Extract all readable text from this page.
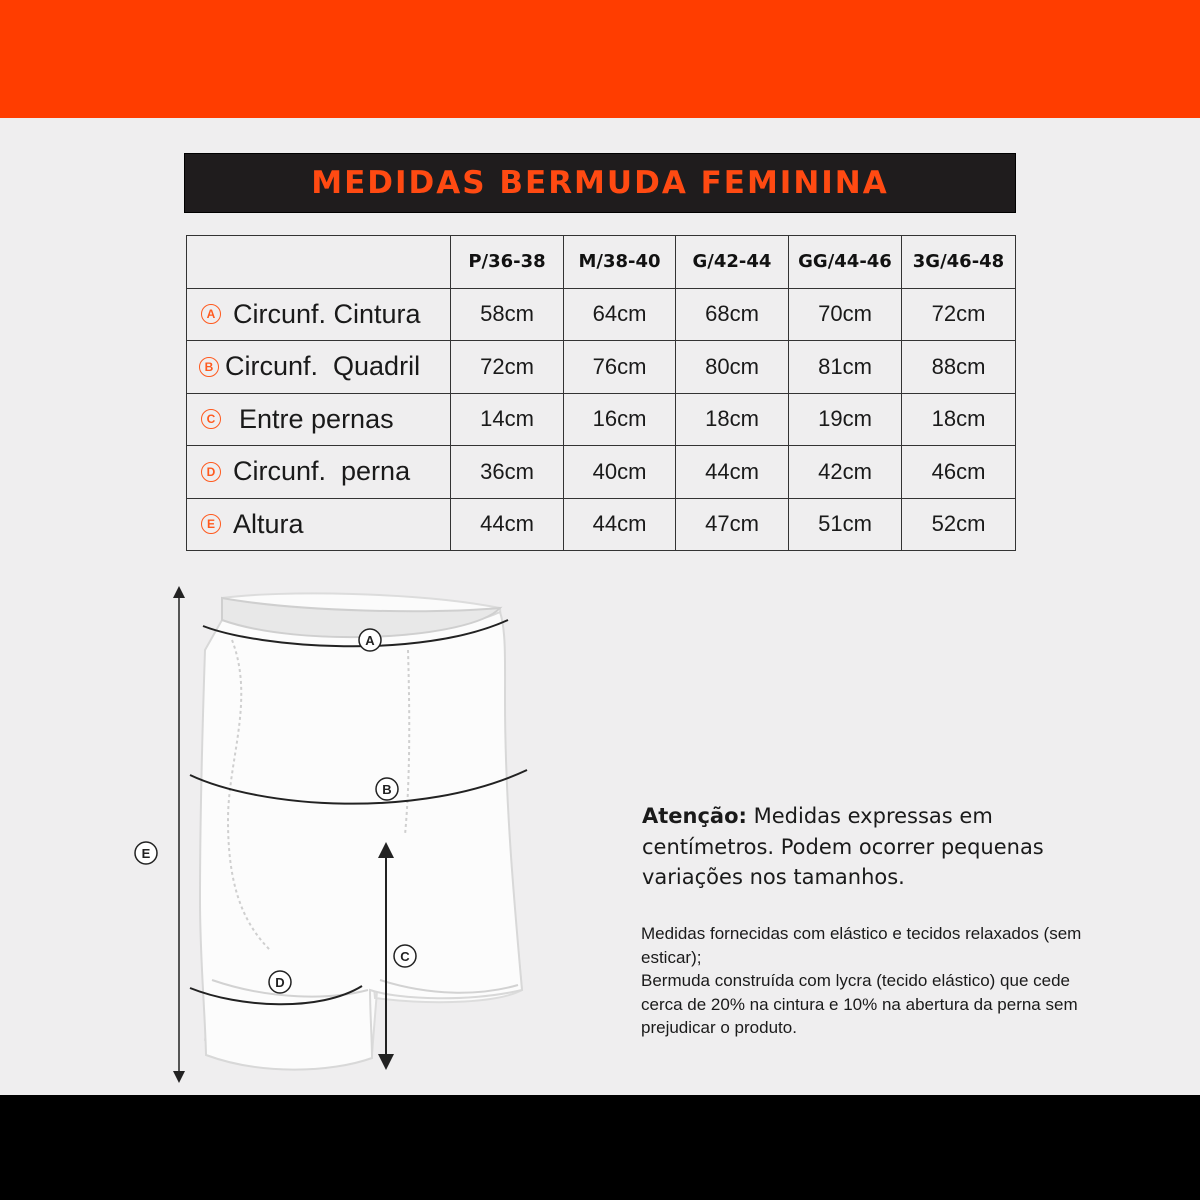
MEDIDAS BERMUDA FEMININA
	P/36-38	M/38-40	G/42-44	GG/44-46	3G/46-48

A Circunf. Cintura	58cm	64cm	68cm	70cm	72cm

B Circunf.  Quadril	72cm	76cm	80cm	81cm	88cm

C Entre pernas	14cm	16cm	18cm	19cm	18cm

D Circunf.  perna	36cm	40cm	44cm	42cm	46cm

E Altura	44cm	44cm	47cm	51cm	52cm
A
B
C
D
E
Atenção: Medidas expressas em centímetros. Podem ocorrer pequenas variações nos tamanhos.
Medidas fornecidas com elástico e tecidos relaxados (sem esticar);
Bermuda construída com lycra (tecido elástico) que cede cerca de 20% na cintura e 10% na abertura da perna sem prejudicar o produto.
